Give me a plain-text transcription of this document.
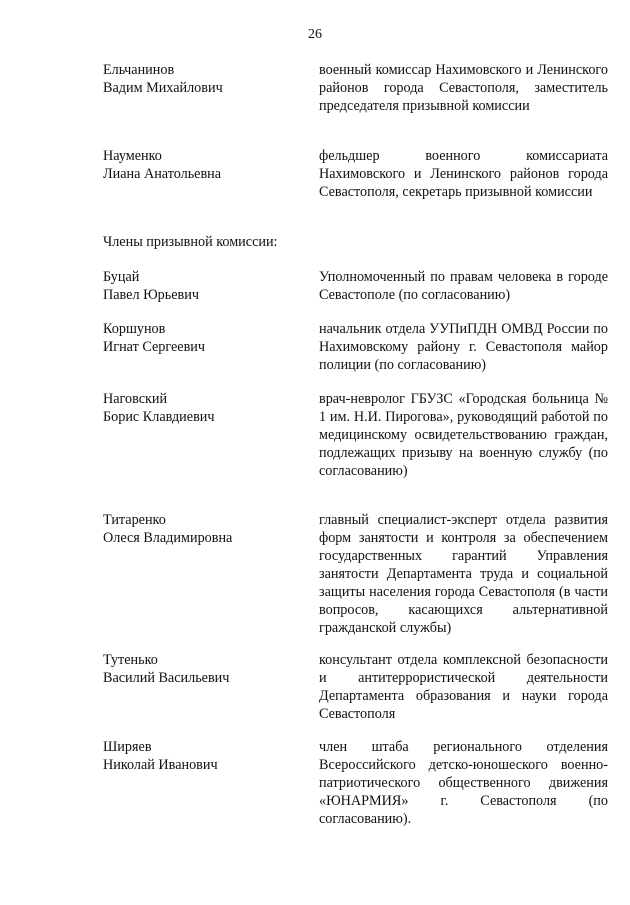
26
Ельчанинов
Вадим Михайлович
военный комиссар Нахимовского и Ленинского районов города Севастополя, заместитель председателя призывной комиссии
Науменко
Лиана Анатольевна
фельдшер военного комиссариата Нахимовского и Ленинского районов города Севастополя, секретарь призывной комиссии
Члены призывной комиссии:
Буцай
Павел Юрьевич
Уполномоченный по правам человека в городе Севастополе (по согласованию)
Коршунов
Игнат Сергеевич
начальник отдела УУПиПДН ОМВД России по Нахимовскому району г. Севастополя майор полиции (по согласованию)
Наговский
Борис Клавдиевич
врач-невролог ГБУЗС «Городская больница № 1 им. Н.И. Пирогова», руководящий работой по медицинскому освидетельствованию граждан, подлежащих призыву на военную службу (по согласованию)
Титаренко
Олеся Владимировна
главный специалист-эксперт отдела развития форм занятости и контроля за обеспечением государственных гарантий Управления занятости Департамента труда и социальной защиты населения города Севастополя (в части вопросов, касающихся альтернативной гражданской службы)
Тутенько
Василий Васильевич
консультант отдела комплексной безопасности и антитеррористической деятельности Департамента образования и науки города Севастополя
Ширяев
Николай Иванович
член штаба регионального отделения Всероссийского детско-юношеского военно-патриотического общественного движения «ЮНАРМИЯ» г. Севастополя (по согласованию).
